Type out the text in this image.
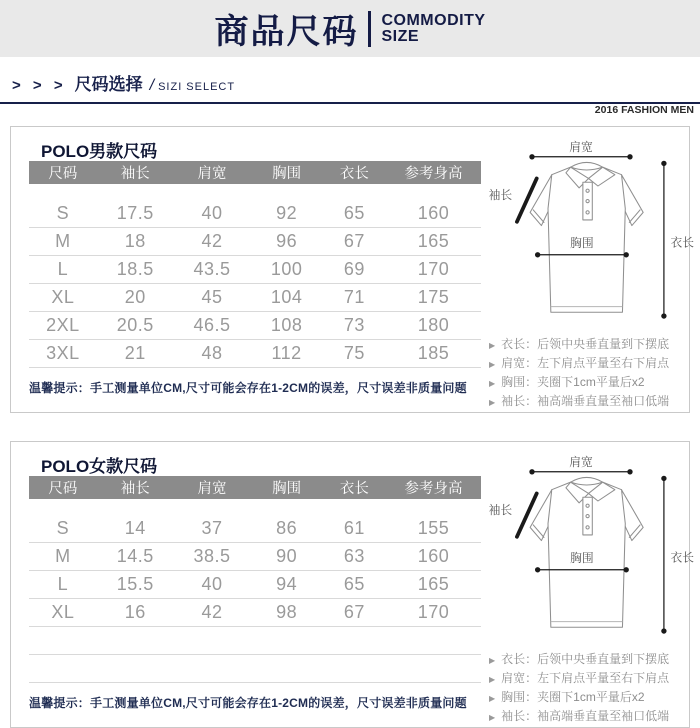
商品尺码 COMMODITY
SIZE
> > > 尺码选择 / SIZI SELECT
2016 FASHION MEN
POLO男款尺码
尺码	袖长	肩宽	胸围	衣长	参考身高
S	17.5	40	92	65	160
M	18	42	96	67	165
L	18.5	43.5	100	69	170
XL	20	45	104	71	175
2XL	20.5	46.5	108	73	180
3XL	21	48	112	75	185
温馨提示：手工测量单位CM,尺寸可能会存在1-2CM的误差，尺寸误差非质量问题
肩宽
袖长
胸围	衣长
▶ 衣长：后领中央垂直量到下摆底
▶ 肩宽：左下肩点平量至右下肩点
▶ 胸围：夹圈下1cm平量后x2
▶ 袖长：袖高端垂直量至袖口低端
POLO女款尺码
尺码	袖长	肩宽	胸围	衣长	参考身高
S	14	37	86	61	155
M	14.5	38.5	90	63	160
L	15.5	40	94	65	165
XL	16	42	98	67	170
温馨提示：手工测量单位CM,尺寸可能会存在1-2CM的误差，尺寸误差非质量问题
肩宽
袖长
胸围	衣长
▶ 衣长：后领中央垂直量到下摆底
▶ 肩宽：左下肩点平量至右下肩点
▶ 胸围：夹圈下1cm平量后x2
▶ 袖长：袖高端垂直量至袖口低端
